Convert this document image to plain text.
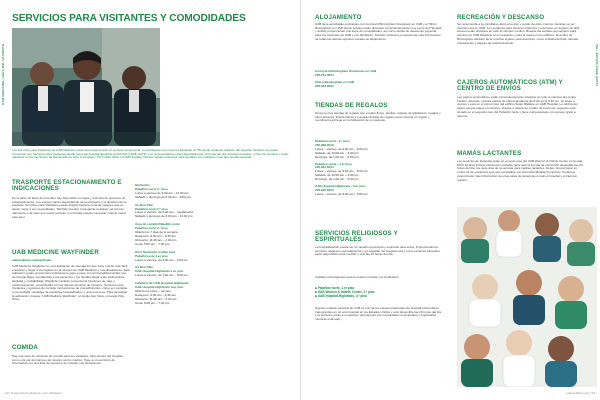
UAB MEDICINE | GUÍA DEL PACIENTE
SERVICIOS PARA VISITANTES Y COMODIDADES
Los Servicios para Visitantes de UAB Medicine están aquí para prestar un servicio excepcional. Comuníquese con nosotros llamando al *55 desde cualquier teléfono del hospital. También se puede comunicar con Servicios para Visitantes desde fuera del hospital llamando al 205.934.CARE (2273). Los representantes están disponibles las 24 horas del día, incluidos feriados, y fines de semana y están ubicados en los escritorios de bienvenida en todo el hospital y The Kirklin Clinic of UAB Hospital. Nuestro equipo está aquí para ayudarlo con cualquier cosa que pueda necesitar.
TRASPORTE ESTACIONAMIENTO E INDICACIONES
En la parte de atrás de este libro hay disponible un mapa y una lista de opciones de estacionamiento. Los precios varían dependiendo de la ubicación y la duración de la estancia. Servicios para Visitantes puede dirigirlo hacia la zona de parqueo que se ajuste mejor a sus necesidades. También pueden conseguirle cualquier servicio de transporte o de taxis que usted necesite o su familia pueden necesitar cuando usted esté aquí.
UAB MEDICINE WAYFINDER
uabmedicine.org/wayfinder
UAB Medicine Wayfinder es una aplicación de navegación que hace mucho más fácil encontrar y llegar a los lugares en el campus de UAB Medicine y sus alrededores. Esta aplicación gratis proporciona indicaciones paso a paso con funcionalidad similar a la de Google Maps, ayudándolo a los pacientes y los familias llegar a las instituciones facilidad y confiabilidad. Wayfinder también proporciona funciones de viaje y estacionamiento, conectividad con los demás servicios de Campus, Servicios para Visitantes y opciones de comida, instrucciones de procedimientos, cómo ver estrellas en la pantalla, unidades de pacientes hospitalizados y otros recursos. Para descargar la aplicación, busque "UAB Medicine Wayfinder" en Apple App Store o Google Play Store.
COMIDA
Hay una serie de opciones de comida para los visitantes, tanto dentro del hospital como a la par del campus de nuestro centro médico. Pase a un escritorio de información por una lista de opciones de comida y de ubicaciones.
Starbucks
Pabellón norte 2.º piso
Lunes a viernes de 6:30 am – 11:30 pm
Sábado y domingo de 5:30 am – 8:00 pm
Au Bon Pain
Pabellón norte 2.º piso
Lunes a viernes, de 6:00 am – medianoche
Sábado y domingo de 6:00 am – 11:00 pm
Área de comida Pabellón norte
Pabellón norte 2.º piso
Abierto los 7 días de la semana
Desayuno: 6:00 am – 9:45 am
Almuerzo: 11:00 am – 2:00 pm
Cena: 5:00 pm – 7:30 pm
GG's Starbucks Coffee Cart
Pabellón este 1.er piso
Lunes a viernes, de 6:00 am – 2:00 pm
Au Bon Pain
UAB Hospital Highlands 1.er piso
Lunes a viernes, de 7:00 am – 5:00 pm
Cafetería de UAB Hospital-Highlands
UAB Hospital Highlands 3.er piso
Abierto los lunes – viernes
Desayuno: 6:00 am – 9:30 am
Almuerzo: 11:00 am – 2:30 pm
Cena: 5:00 pm – 7:30 pm
12 | Guía para el paciente y los visitantes
TEL: 205.934.CARE (2273)
ALOJAMIENTO
UAB tiene acordadas exclusivas con Courtyard Birmingham Downtown en UAB y el Hilton Birmingham en UAB. Estos hoteles están ubicados convenientemente muy cerca del Hospital y ambos proporcionan una serie de comodidades, así como tarifas de descuento especial para los pacientes de UAB y sus familiares. También podemos proporcionar más información de todas las demás opciones locales de alojamiento.
Courtyard Birmingham Downtown en UAB
205.254.0004
Hilton Birmingham en UAB
205.933.9000
TIENDAS DE REGALOS
Tenemos tres tiendas de regalos que venden flores, plantas, tarjetas de felicitación, regalos y otros artículos. Puede llamar a nuestras tiendas de regalos para comprar un regalo y coordinar la entrega en la habitación de un paciente.
Pabellón norte • 2.º piso
205.996.2019
Lunes – viernes, de 9:00 am – 6:00 pm
Sábado, de 10:00 am – 4:00 pm
Domingo, de 1:00 pm – 5:00 pm
Pabellón oeste • 1.er piso
205.934.6434
Lunes – viernes, de 9:00 am – 6:00 pm
Sábado, de 10:00 am – 4:00 pm
Domingo, de 1:00 pm – 5:00 pm
UAB Hospital-Highlands • 3.er piso
205.930.9325
Lunes – viernes, de 9:00 am – 5:00 pm
SERVICIOS RELIGIOSOS Y ESPIRITUALES
La hospitalización puede ser un desafío emocional y espiritual para todos. Proporcionamos servicios religiosos semanalmente y un capellán del hospital está y otros espacios tranquilos están disponibles para meditar y orar las 24 horas del día.
Capillas interreligiosas para la oración privada y la meditación:
■ Pabellón norte, 1.er piso
■ UAB Women & Infants Center, 2.º piso
■ UAB Hospital-Highlands, 4.º piso
Nuestro cuidado pastoral de UAB es uno de los equipos pastorales de hospital universitario más grandes en un solo hospital en los Estados Unidos y está disponible las 24 horas del día. Los servicios están a su alcance para apoyar sus necesidades emocionales y espirituales mientras está aquí.
RECREACIÓN Y DESCANSO
Se recomienda a los familiares alivio el estrés y cuidar de ellos mismos mientras su ser querido está en UAB. Los senderos para caminar interiores y exteriores en lugares de fácil acceso están ubicados en todo el campus médico. Busque las señales del sendero para caminar de UAB Medicine en el vestíbulo o pida el mapa en los edificios. El centro de Birmingham también tiene muchos lugares para divertirse, como el Railroad Park, tiendas, restaurantes y lugares de entretenimiento.
CAJEROS AUTOMÁTICOS (ATM) Y CENTRO DE ENVÍOS
Los cajeros automáticos están convenientemente situados en todo el campus del centro médico. Además, nuestra oficina de caja está abierta de 8:00 am a 4:30 pm, de lunes a viernes y está en el primer piso del edificio Spain Wallace en UAB Hospital. La oficina del cajero acepta pagos en efectivo, cheque o tarjeta de crédito. El centro de negocios está situado en el segundo piso del Pabellón norte y tiene computadoras con acceso gratis a Internet.
MAMÁS LACTANTES
Los servicios de lactancia están en el sexto piso del UAB Women & Infants Center en la sala 6110. El área incluye estaciones privadas para usar la bomba de extracción disponible las 24 horas del día, los siete días de la semana para madres lactantes. Deben proporcionar su propio kit de extracción que sea compatible con la bomba Medela Symphony. Podemos proporcionar más información de otras salas de lactancia en todo el hospital y el campus médico.
uabmedicine.org | 13
